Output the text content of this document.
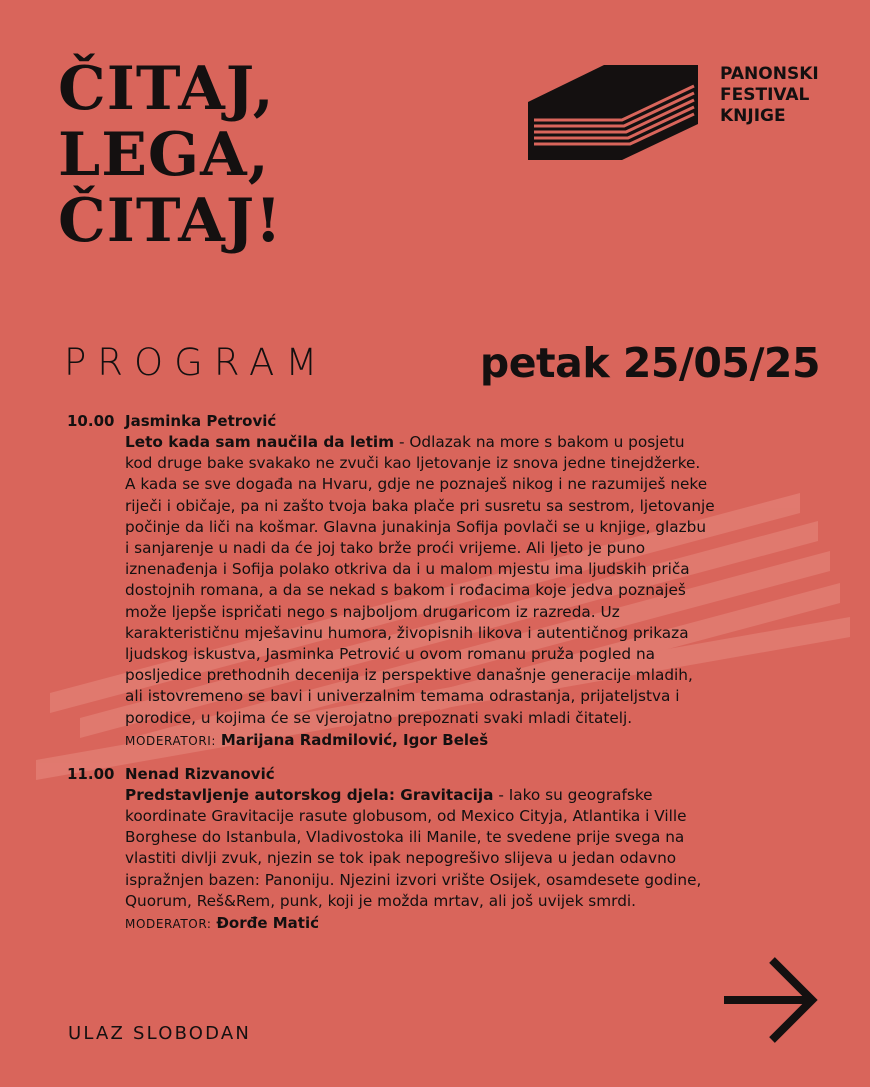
ČITAJ,
LEGA,
ČITAJ!
PANONSKI
FESTIVAL
KNJIGE
PROGRAM	petak 25/05/25
10.00 Jasminka Petrović
Leto kada sam naučila da letim - Odlazak na more s bakom u posjetu kod druge bake svakako ne zvuči kao ljetovanje iz snova jedne tinejdžerke. A kada se sve događa na Hvaru, gdje ne poznaješ nikog i ne razumiješ neke riječi i običaje, pa ni zašto tvoja baka plače pri susretu sa sestrom, ljetovanje počinje da liči na košmar. Glavna junakinja Sofija povlači se u knjige, glazbu i sanjarenje u nadi da će joj tako brže proći vrijeme. Ali ljeto je puno iznenađenja i Sofija polako otkriva da i u malom mjestu ima ljudskih priča dostojnih romana, a da se nekad s bakom i rođacima koje jedva poznaješ može ljepše ispričati nego s najboljom drugaricom iz razreda. Uz karakterističnu mješavinu humora, živopisnih likova i autentičnog prikaza ljudskog iskustva, Jasminka Petrović u ovom romanu pruža pogled na posljedice prethodnih decenija iz perspektive današnje generacije mladih, ali istovremeno se bavi i univerzalnim temama odrastanja, prijateljstva i porodice, u kojima će se vjerojatno prepoznati svaki mladi čitatelj.
MODERATORI: Marijana Radmilović, Igor Beleš
11.00 Nenad Rizvanović
Predstavljenje autorskog djela: Gravitacija - Iako su geografske koordinate Gravitacije rasute globusom, od Mexico Cityja, Atlantika i Ville Borghese do Istanbula, Vladivostoka ili Manile, te svedene prije svega na vlastiti divlji zvuk, njezin se tok ipak nepogrešivo slijeva u jedan odavno ispražnjen bazen: Panoniju. Njezini izvori vrište Osijek, osamdesete godine, Quorum, Reš&Rem, punk, koji je možda mrtav, ali još uvijek smrdi.
MODERATOR: Đorđe Matić
ULAZ SLOBODAN
